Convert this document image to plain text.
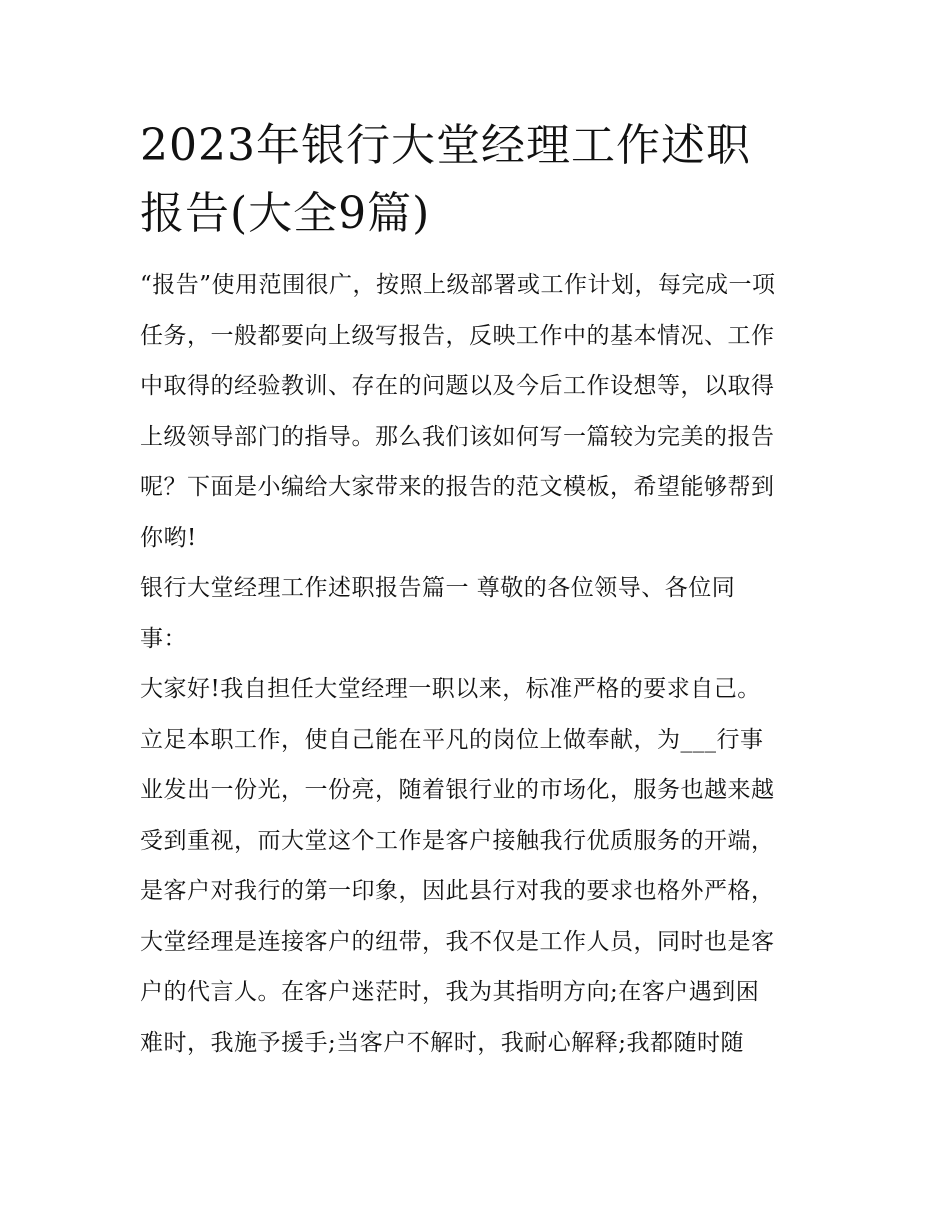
2023年银行大堂经理工作述职
报告(大全9篇)

“报告”使用范围很广，按照上级部署或工作计划，每完成一项
任务，一般都要向上级写报告，反映工作中的基本情况、工作
中取得的经验教训、存在的问题以及今后工作设想等，以取得
上级领导部门的指导。那么我们该如何写一篇较为完美的报告
呢？下面是小编给大家带来的报告的范文模板，希望能够帮到
你哟!

银行大堂经理工作述职报告篇一 尊敬的各位领导、各位同
事：

大家好!我自担任大堂经理一职以来，标准严格的要求自己。
立足本职工作，使自己能在平凡的岗位上做奉献，为___行事
业发出一份光，一份亮，随着银行业的市场化，服务也越来越
受到重视，而大堂这个工作是客户接触我行优质服务的开端，
是客户对我行的第一印象，因此县行对我的要求也格外严格，
大堂经理是连接客户的纽带，我不仅是工作人员，同时也是客
户的代言人。在客户迷茫时，我为其指明方向;在客户遇到困
难时，我施予援手;当客户不解时，我耐心解释;我都随时随
